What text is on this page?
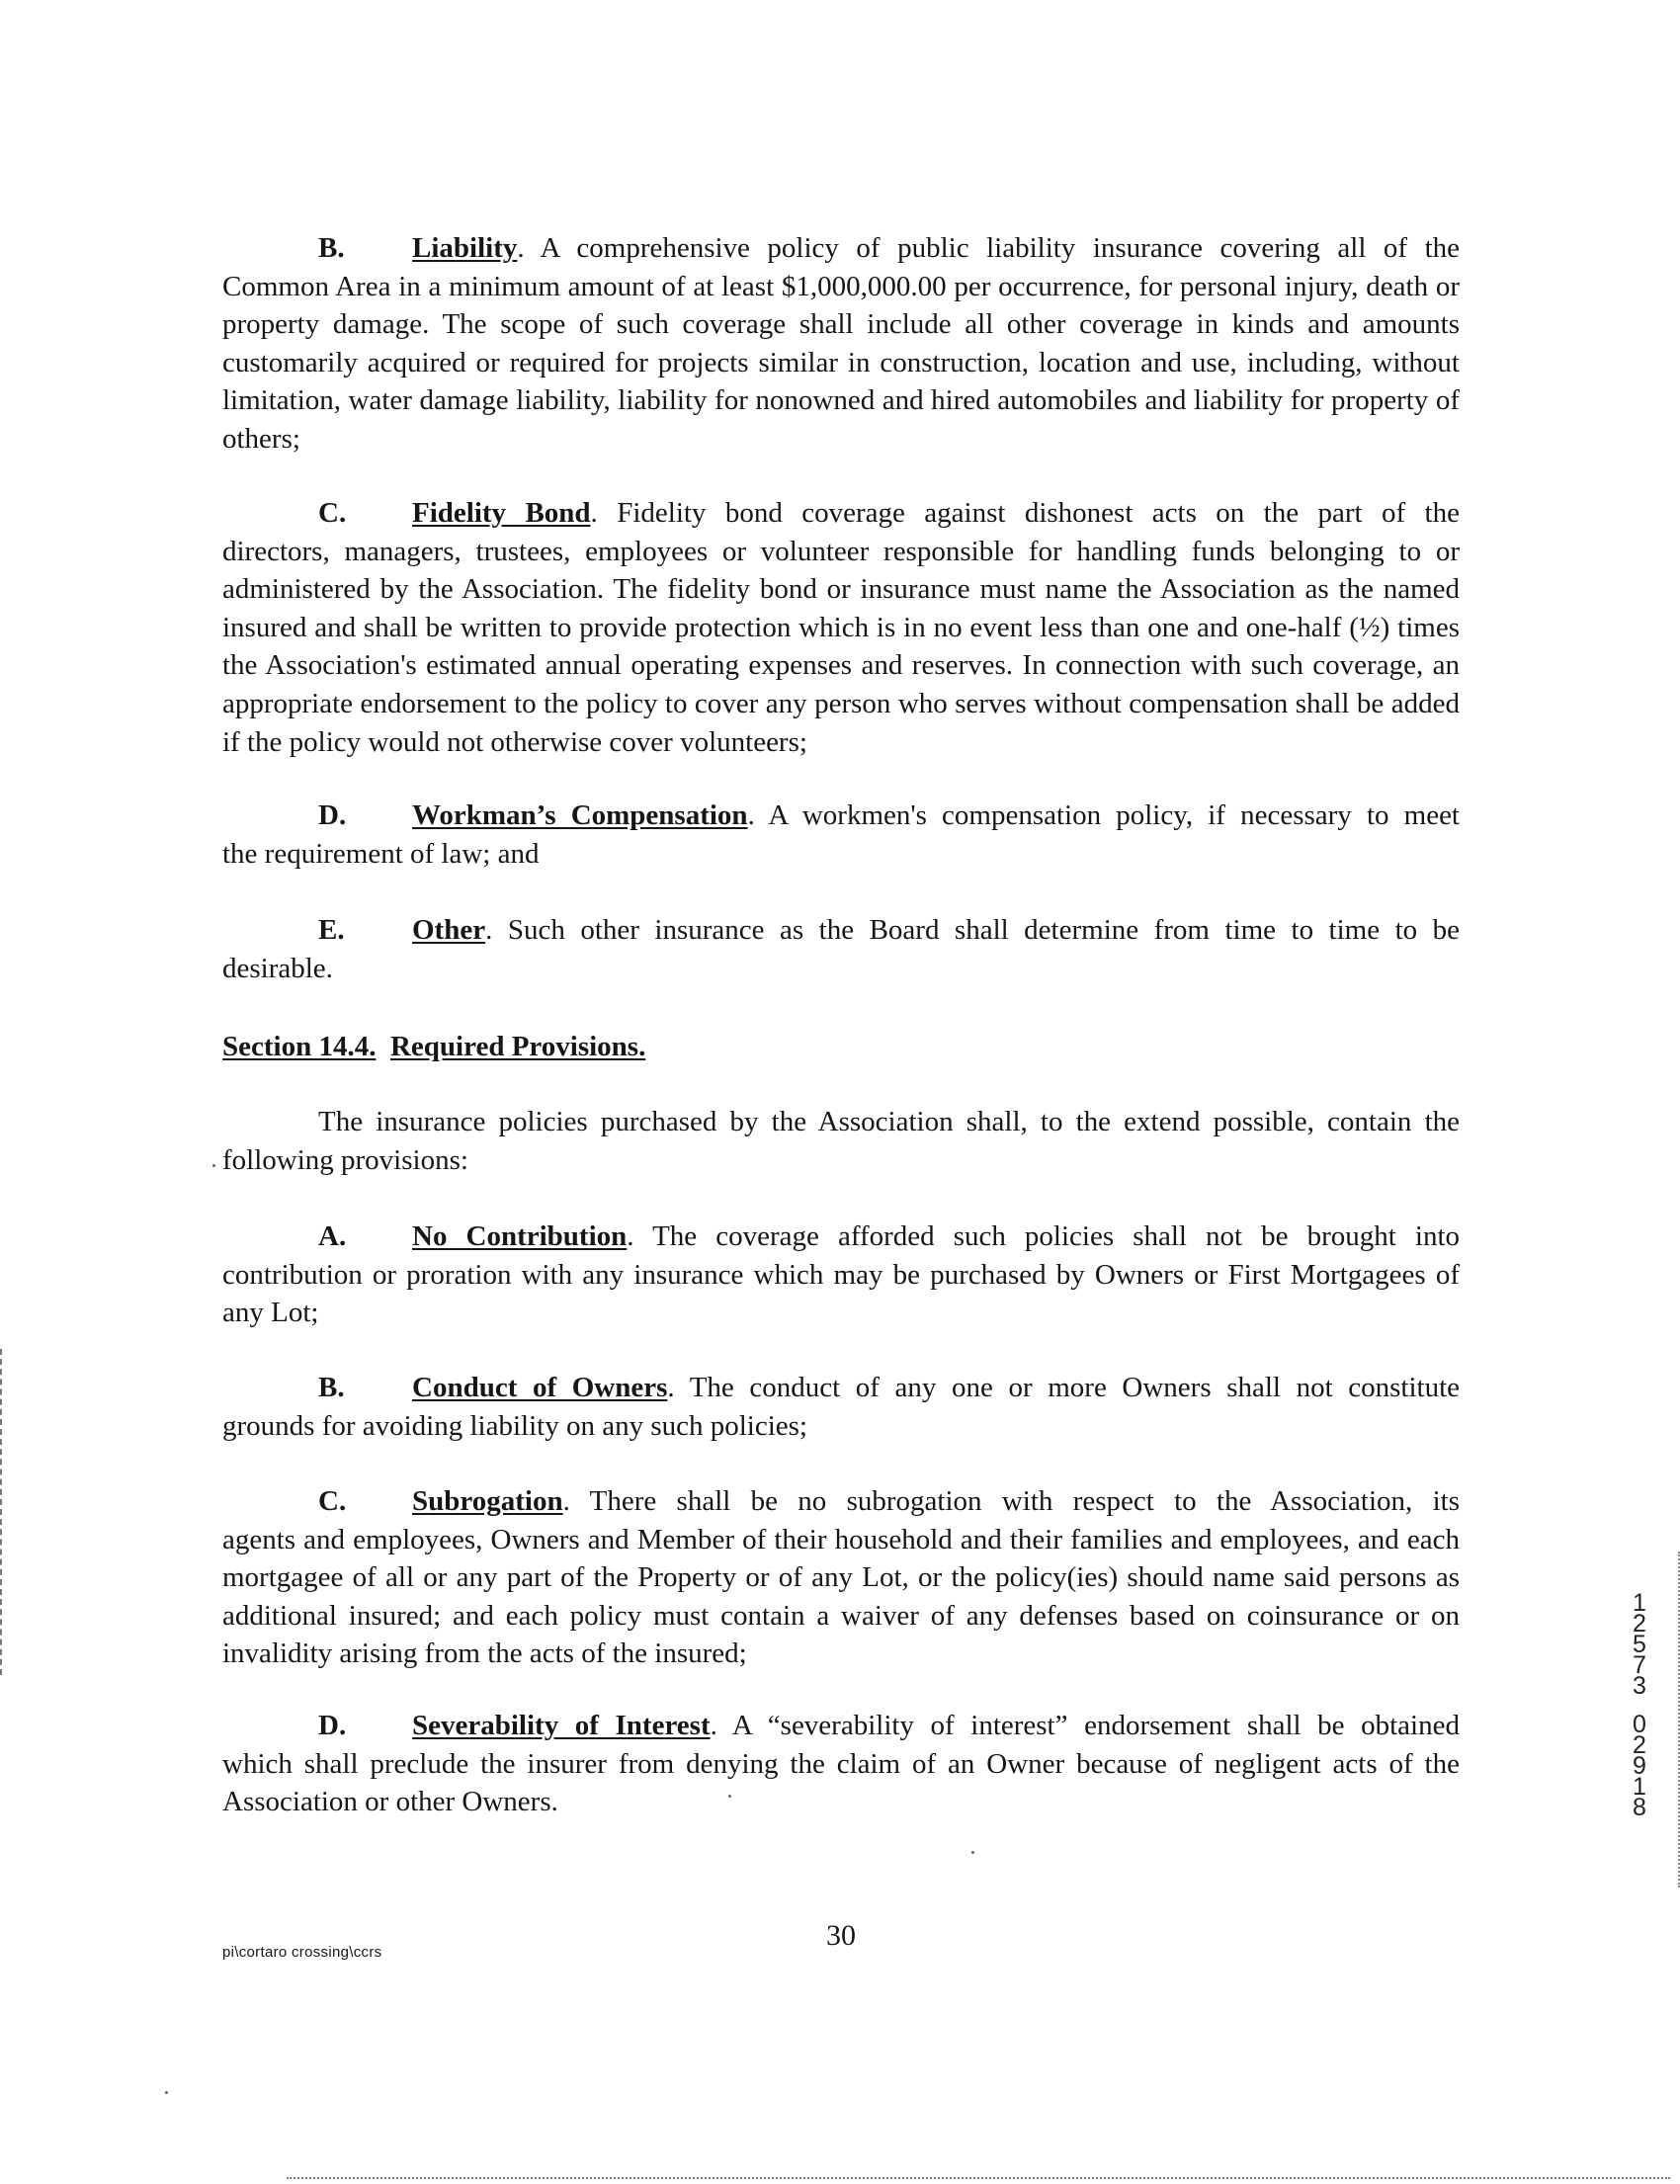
B. Liability. A comprehensive policy of public liability insurance covering all of the
Common Area in a minimum amount of at least $1,000,000.00 per occurrence, for personal injury, death or property damage. The scope of such coverage shall include all other coverage in kinds and amounts customarily acquired or required for projects similar in construction, location and use, including, without limitation, water damage liability, liability for nonowned and hired automobiles and liability for property of others;
C. Fidelity Bond. Fidelity bond coverage against dishonest acts on the part of the
directors, managers, trustees, employees or volunteer responsible for handling funds belonging to or administered by the Association. The fidelity bond or insurance must name the Association as the named insured and shall be written to provide protection which is in no event less than one and one-half (½) times the Association's estimated annual operating expenses and reserves. In connection with such coverage, an appropriate endorsement to the policy to cover any person who serves without compensation shall be added if the policy would not otherwise cover volunteers;
D. Workman’s Compensation. A workmen's compensation policy, if necessary to meet
the requirement of law; and
E. Other. Such other insurance as the Board shall determine from time to time to be
desirable.
Section 14.4. Required Provisions.
The insurance policies purchased by the Association shall, to the extend possible, contain the following provisions:
A. No Contribution. The coverage afforded such policies shall not be brought into
contribution or proration with any insurance which may be purchased by Owners or First Mortgagees of any Lot;
B. Conduct of Owners. The conduct of any one or more Owners shall not constitute
grounds for avoiding liability on any such policies;
C. Subrogation. There shall be no subrogation with respect to the Association, its
agents and employees, Owners and Member of their household and their families and employees, and each mortgagee of all or any part of the Property or of any Lot, or the policy(ies) should name said persons as additional insured; and each policy must contain a waiver of any defenses based on coinsurance or on invalidity arising from the acts of the insured;
D. Severability of Interest. A “severability of interest” endorsement shall be obtained
which shall preclude the insurer from denying the claim of an Owner because of negligent acts of the Association or other Owners.
pi\cortaro crossing\ccrs
30
1
2
5
7
3
0
2
9
1
8
